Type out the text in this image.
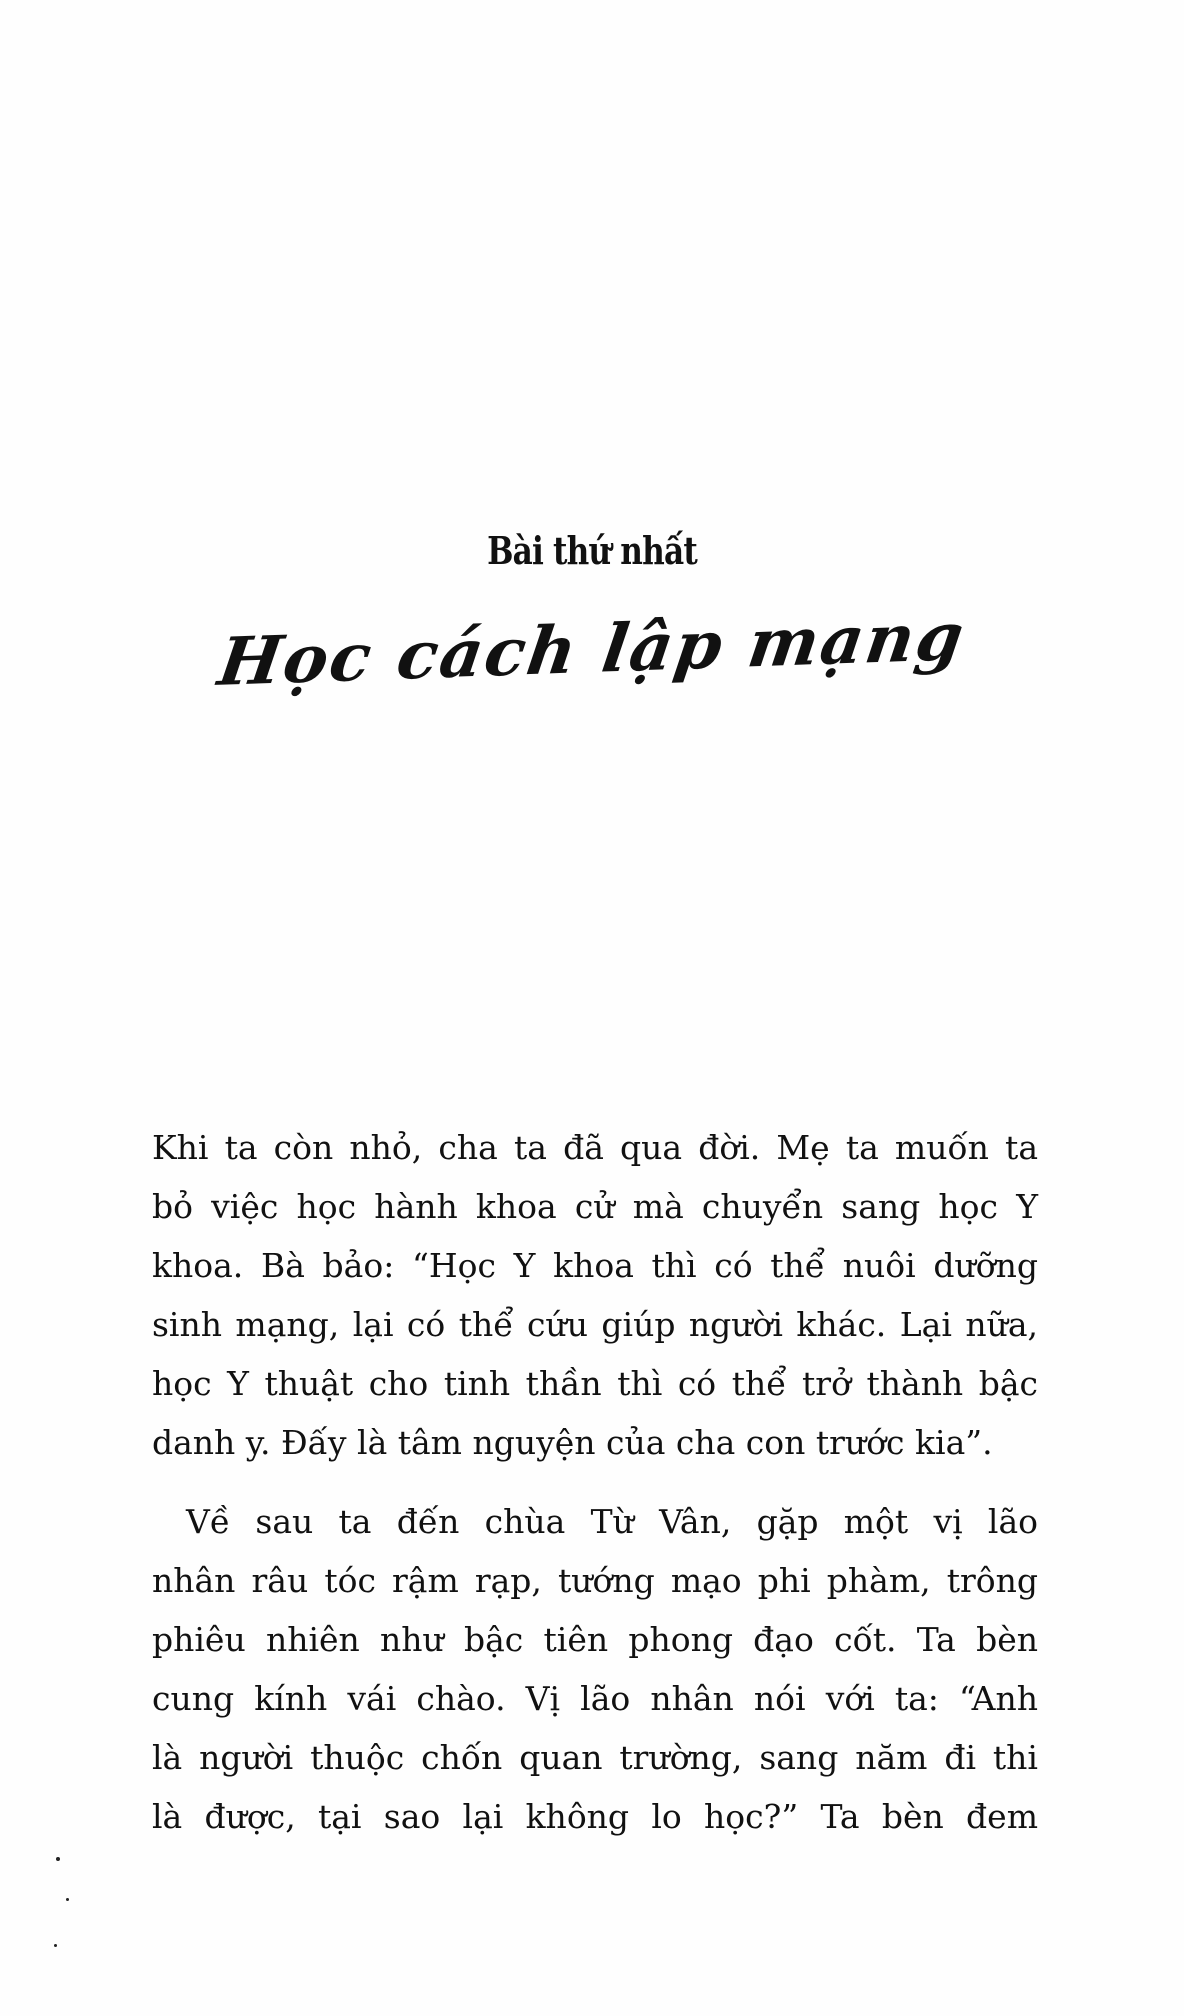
Bài thứ nhất
Học cách lập mạng

Khi ta còn nhỏ, cha ta đã qua đời. Mẹ ta muốn ta
bỏ việc học hành khoa cử mà chuyển sang học Y
khoa. Bà bảo: “Học Y khoa thì có thể nuôi dưỡng
sinh mạng, lại có thể cứu giúp người khác. Lại nữa,
học Y thuật cho tinh thần thì có thể trở thành bậc
danh y. Đấy là tâm nguyện của cha con trước kia”.

Về sau ta đến chùa Từ Vân, gặp một vị lão
nhân râu tóc rậm rạp, tướng mạo phi phàm, trông
phiêu nhiên như bậc tiên phong đạo cốt. Ta bèn
cung kính vái chào. Vị lão nhân nói với ta: “Anh
là người thuộc chốn quan trường, sang năm đi thi
là được, tại sao lại không lo học?” Ta bèn đem
